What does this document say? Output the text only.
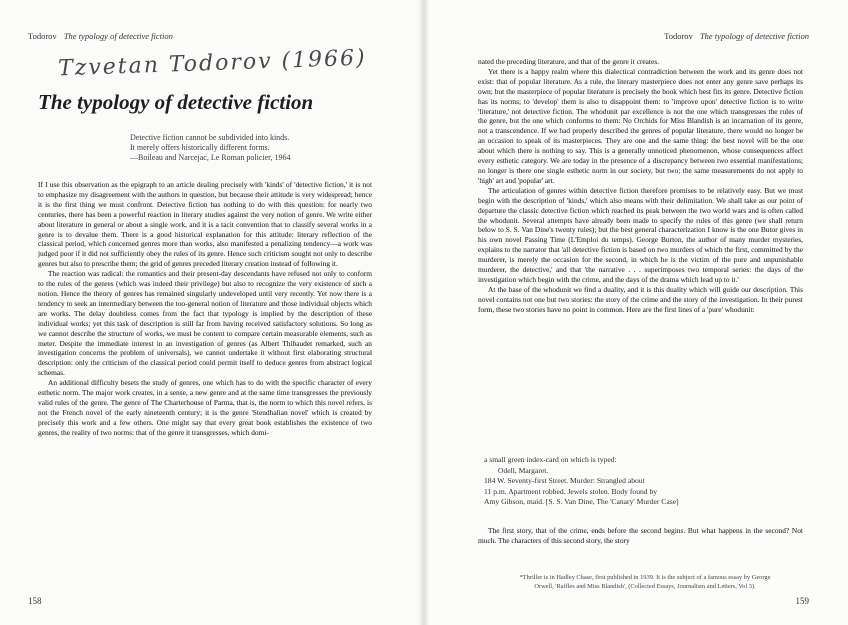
Todorov The typology of detective fiction
Tzvetan Todorov (1966)
The typology of detective fiction
Detective fiction cannot be subdivided into kinds.
It merely offers historically different forms.
—Boileau and Narcejac, Le Roman policier, 1964

If I use this observation as the epigraph to an article dealing precisely with 'kinds' of 'detective fiction,' it is not to emphasize my disagreement with the authors in question, but because their attitude is very widespread; hence it is the first thing we must confront. Detective fiction has nothing to do with this question: for nearly two centuries, there has been a powerful reaction in literary studies against the very notion of genre. We write either about literature in general or about a single work, and it is a tacit convention that to classify several works in a genre is to devalue them. There is a good historical explanation for this attitude: literary reflection of the classical period, which concerned genres more than works, also manifested a penalizing tendency—a work was judged poor if it did not sufficiently obey the rules of its genre. Hence such criticism sought not only to describe genres but also to prescribe them; the grid of genres preceded literary creation instead of following it.

The reaction was radical: the romantics and their present-day descendants have refused not only to conform to the rules of the genres (which was indeed their privilege) but also to recognize the very existence of such a notion. Hence the theory of genres has remained singularly undeveloped until very recently. Yet now there is a tendency to seek an intermediary between the too-general notion of literature and those individual objects which are works. The delay doubtless comes from the fact that typology is implied by the description of these individual works; yet this task of description is still far from having received satisfactory solutions. So long as we cannot describe the structure of works, we must be content to compare certain measurable elements, such as meter. Despite the immediate interest in an investigation of genres (as Albert Thibaudet remarked, such an investigation concerns the problem of universals), we cannot undertake it without first elaborating structural description: only the criticism of the classical period could permit itself to deduce genres from abstract logical schemas.

An additional difficulty besets the study of genres, one which has to do with the specific character of every esthetic norm. The major work creates, in a sense, a new genre and at the same time transgresses the previously valid rules of the genre. The genre of The Charterhouse of Parma, that is, the norm to which this novel refers, is not the French novel of the early nineteenth century; it is the genre 'Stendhalian novel' which is created by precisely this work and a few others. One might say that every great book establishes the existence of two genres, the reality of two norms: that of the genre it transgresses, which domi-

158
Todorov The typology of detective fiction

nated the preceding literature, and that of the genre it creates.

Yet there is a happy realm where this dialectical contradiction between the work and its genre does not exist: that of popular literature. As a rule, the literary masterpiece does not enter any genre save perhaps its own; but the masterpiece of popular literature is precisely the book which best fits its genre. Detective fiction has its norms; to 'develop' them is also to disappoint them: to 'improve upon' detective fiction is to write 'literature,' not detective fiction. The whodunit par excellence is not the one which transgresses the rules of the genre, but the one which conforms to them: No Orchids for Miss Blandish is an incarnation of its genre, not a transcendence. If we had properly described the genres of popular literature, there would no longer be an occasion to speak of its masterpieces. They are one and the same thing: the best novel will be the one about which there is nothing to say. This is a generally unnoticed phenomenon, whose consequences affect every esthetic category. We are today in the presence of a discrepancy between two essential manifestations; no longer is there one single esthetic norm in our society, but two; the same measurements do not apply to 'high' art and 'popular' art.

The articulation of genres within detective fiction therefore promises to be relatively easy. But we must begin with the description of 'kinds,' which also means with their delimitation. We shall take as our point of departure the classic detective fiction which reached its peak between the two world wars and is often called the whodunit. Several attempts have already been made to specify the rules of this genre (we shall return below to S. S. Van Dine's twenty rules); but the best general characterization I know is the one Butor gives in his own novel Passing Time (L'Emploi du temps). George Burton, the author of many murder mysteries, explains to the narrator that 'all detective fiction is based on two murders of which the first, committed by the murderer, is merely the occasion for the second, in which he is the victim of the pure and unpunishable murderer, the detective,' and that 'the narrative . . . superimposes two temporal series: the days of the investigation which begin with the crime, and the days of the drama which lead up to it.'

At the base of the whodunit we find a duality, and it is this duality which will guide our description. This novel contains not one but two stories: the story of the crime and the story of the investigation. In their purest form, these two stories have no point in common. Here are the first lines of a 'pure' whodunit:

a small green index-card on which is typed:
Odell, Margaret.
184 W. Seventy-first Street. Murder: Strangled about
11 p.m. Apartment robbed. Jewels stolen. Body found by
Amy Gibson, maid. [S. S. Van Dine, The 'Canary' Murder Case]

The first story, that of the crime, ends before the second begins. But what happens in the second? Not much. The characters of this second story, the story

*Thriller is in Hadley Chase, first published in 1939. It is the subject of a famous essay by George Orwell, 'Raffles and Miss Blandish', (Collected Essays, Journalism and Letters, Vol 3).
159
